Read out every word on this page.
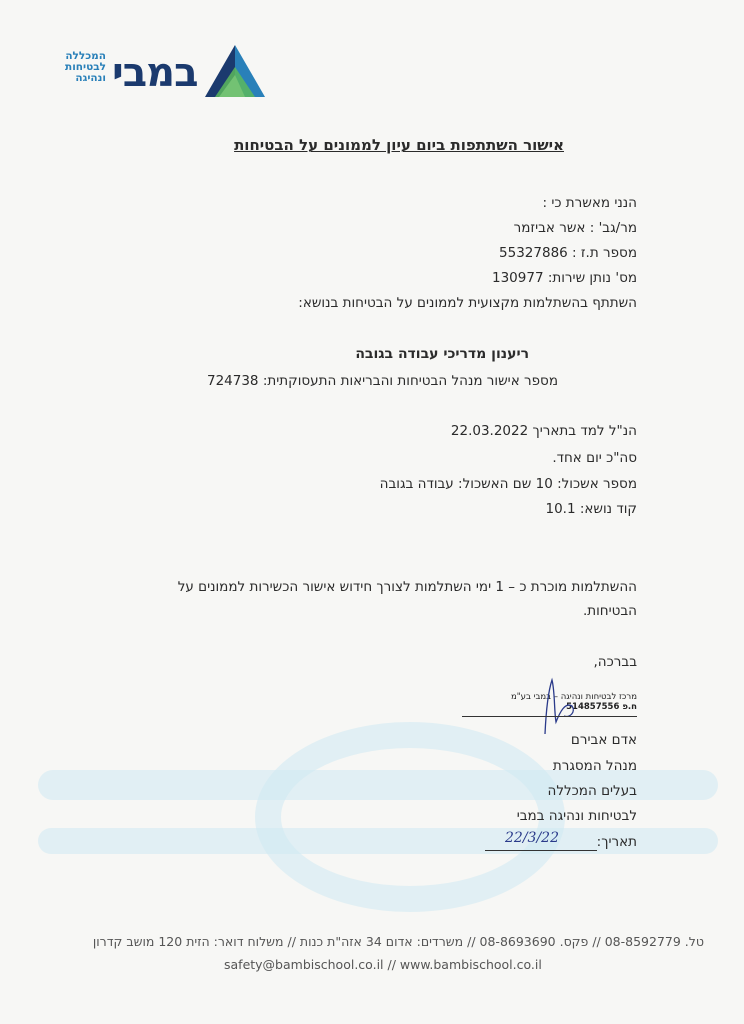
המכללה
לבטיחות
ונהיגה במבי
אישור השתתפות ביום עיון לממונים על הבטיחות
הנני מאשרת כי :
מר/גב' : אשר אביזמר
מספר ת.ז : 55327886
מס' נותן שירות: 130977
השתתף בהשתלמות מקצועית לממונים על הבטיחות בנושא:
ריענון מדריכי עבודה בגובה
מספר אישור מנהל הבטיחות והבריאות התעסוקתית: 724738
הנ"ל למד בתאריך 22.03.2022
סה"כ יום אחד.
מספר אשכול: 10 שם האשכול: עבודה בגובה
קוד נושא: 10.1
ההשתלמות מוכרת כ – 1 ימי השתלמות לצורך חידוש אישור הכשירות לממונים על
הבטיחות.
בברכה,
מרכז לבטיחות ונהיגה – במבי בע"מ
ח.פ 514857556
אדם אבירם
מנהל המסגרת
בעלים המכללה
לבטיחות ונהיגה במבי
תאריך:
22/3/22
טל. 08-8592779 // פקס. 08-8693690 // משרדים: אדום 34 אזה"ת כנות // משלוח דואר: הזית 120 מושב קדרון
safety@bambischool.co.il // www.bambischool.co.il
